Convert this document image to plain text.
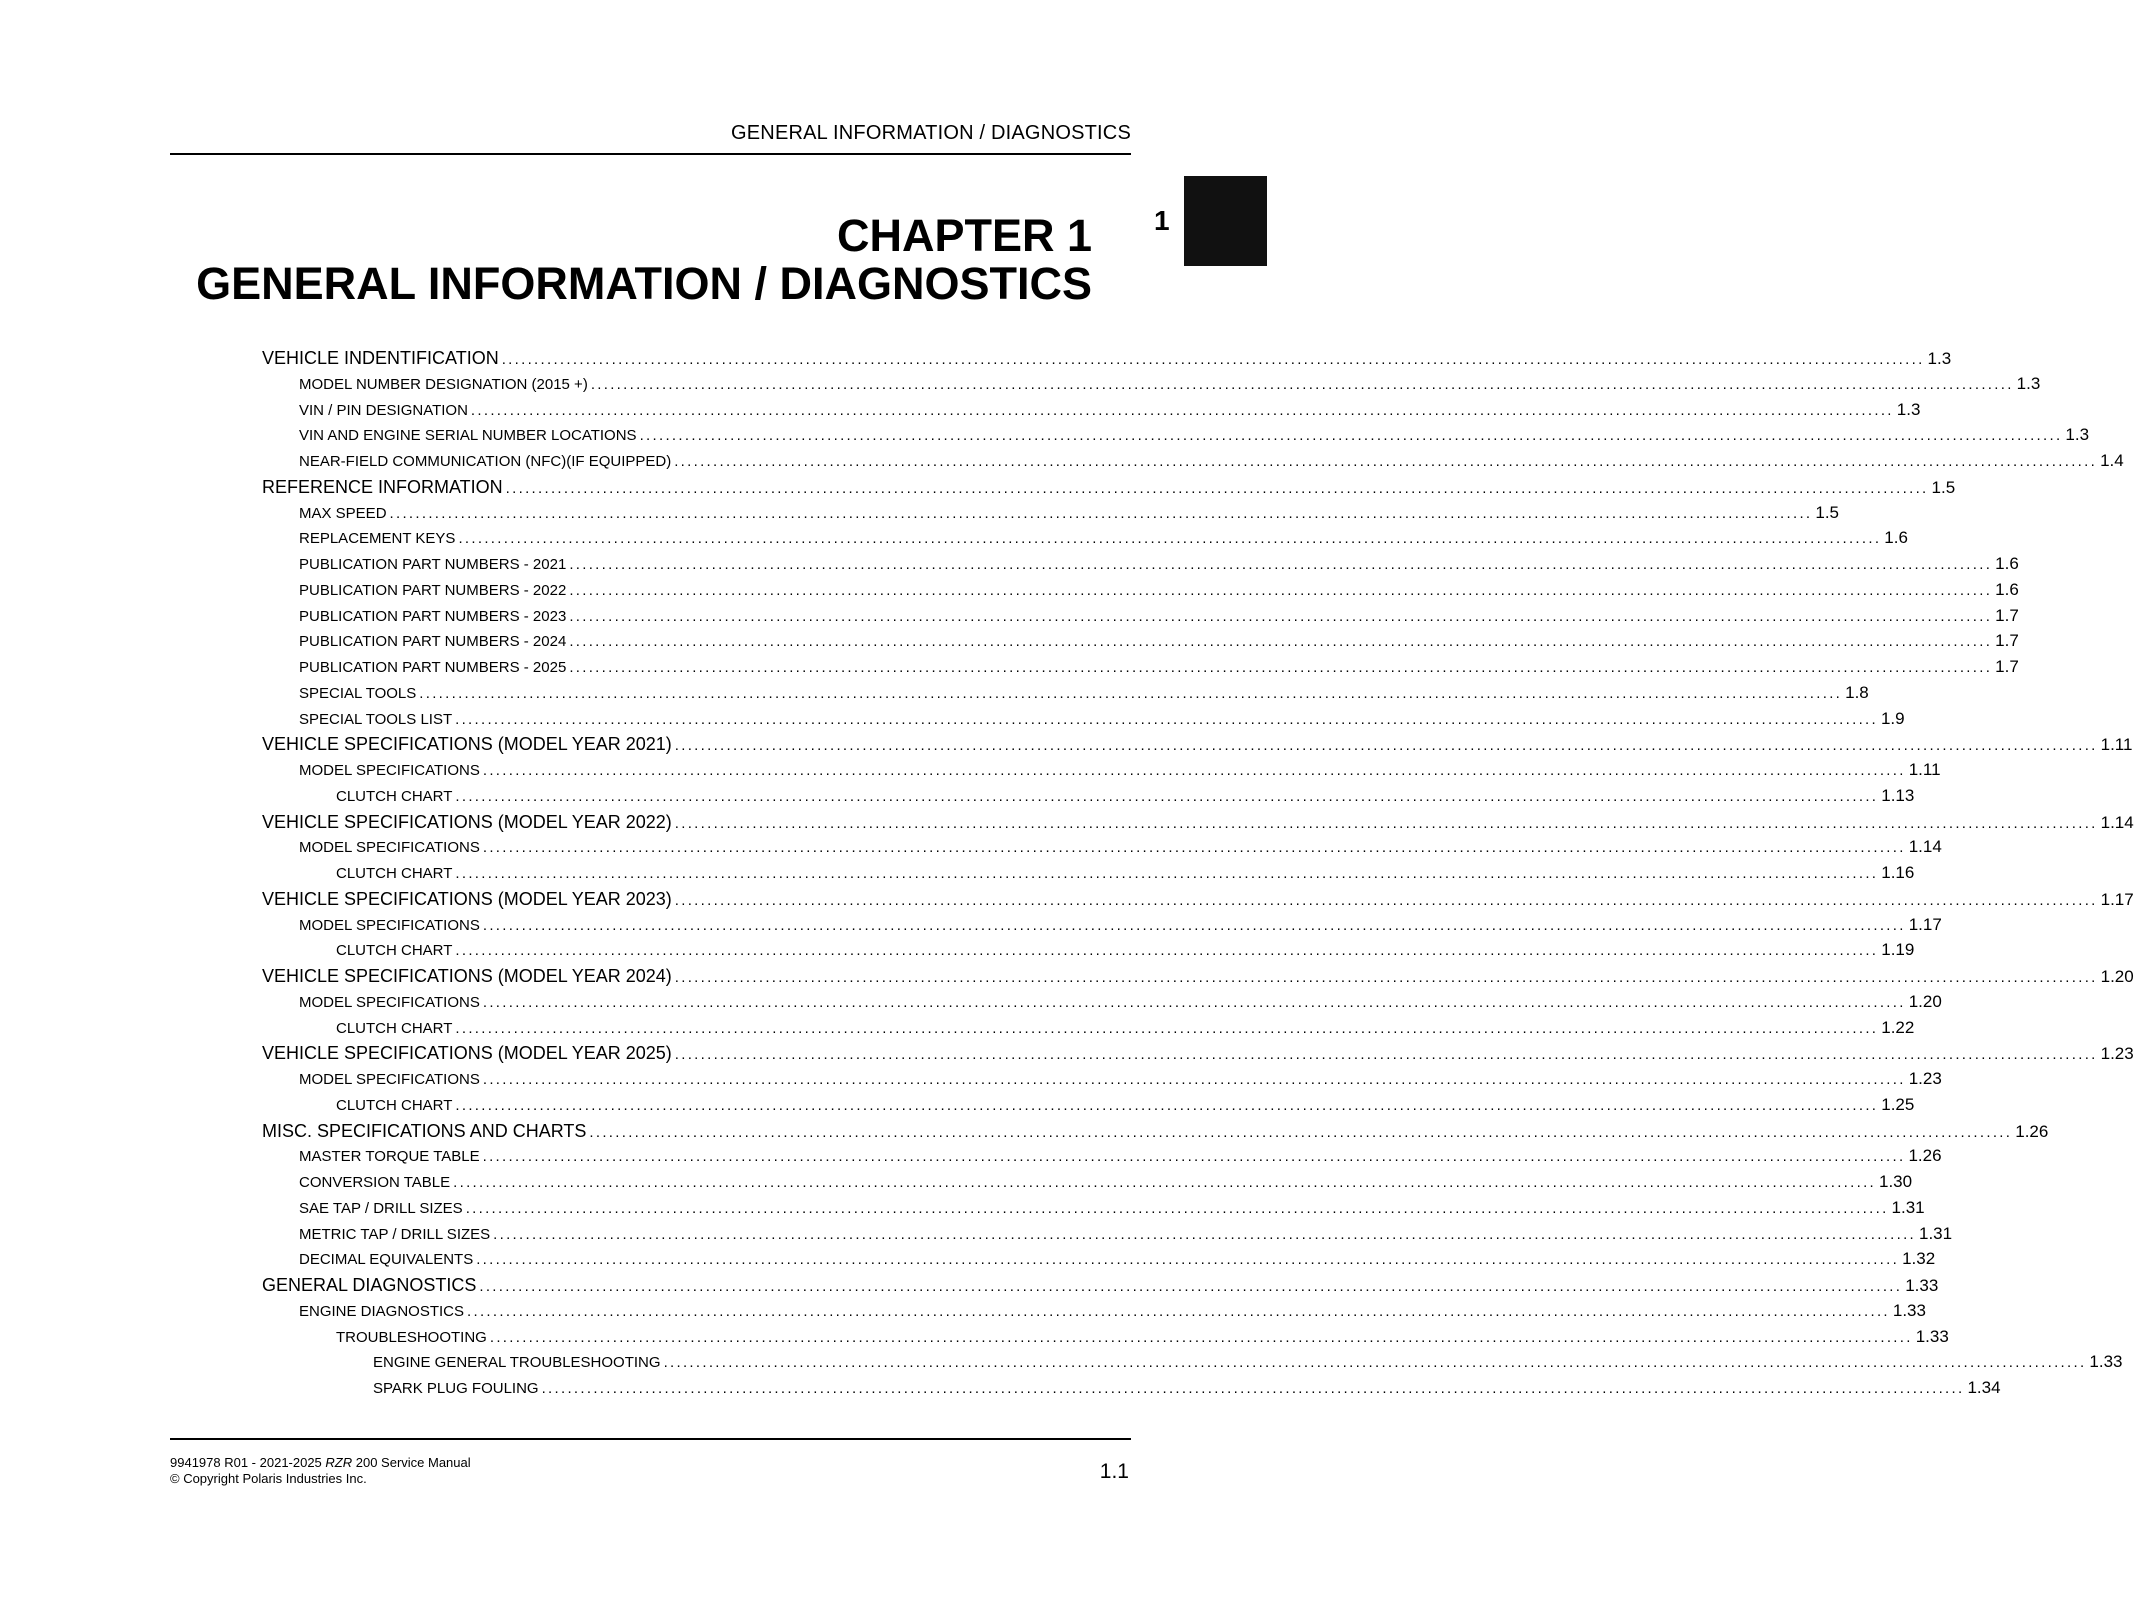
GENERAL INFORMATION / DIAGNOSTICS
1
CHAPTER 1
GENERAL INFORMATION / DIAGNOSTICS
VEHICLE INDENTIFICATION ............................................................................................................................................................................................................................ 1.3
MODEL NUMBER DESIGNATION (2015 +) ............................................................................................................................................................................................................................ 1.3
VIN / PIN DESIGNATION ............................................................................................................................................................................................................................ 1.3
VIN AND ENGINE SERIAL NUMBER LOCATIONS ............................................................................................................................................................................................................................ 1.3
NEAR-FIELD COMMUNICATION (NFC)(IF EQUIPPED) ............................................................................................................................................................................................................................ 1.4
REFERENCE INFORMATION ............................................................................................................................................................................................................................ 1.5
MAX SPEED ............................................................................................................................................................................................................................ 1.5
REPLACEMENT KEYS ............................................................................................................................................................................................................................ 1.6
PUBLICATION PART NUMBERS - 2021 ............................................................................................................................................................................................................................ 1.6
PUBLICATION PART NUMBERS - 2022 ............................................................................................................................................................................................................................ 1.6
PUBLICATION PART NUMBERS - 2023 ............................................................................................................................................................................................................................ 1.7
PUBLICATION PART NUMBERS - 2024 ............................................................................................................................................................................................................................ 1.7
PUBLICATION PART NUMBERS - 2025 ............................................................................................................................................................................................................................ 1.7
SPECIAL TOOLS ............................................................................................................................................................................................................................ 1.8
SPECIAL TOOLS LIST ............................................................................................................................................................................................................................ 1.9
VEHICLE SPECIFICATIONS (MODEL YEAR 2021) ............................................................................................................................................................................................................................ 1.11
MODEL SPECIFICATIONS ............................................................................................................................................................................................................................ 1.11
CLUTCH CHART ............................................................................................................................................................................................................................ 1.13
VEHICLE SPECIFICATIONS (MODEL YEAR 2022) ............................................................................................................................................................................................................................ 1.14
MODEL SPECIFICATIONS ............................................................................................................................................................................................................................ 1.14
CLUTCH CHART ............................................................................................................................................................................................................................ 1.16
VEHICLE SPECIFICATIONS (MODEL YEAR 2023) ............................................................................................................................................................................................................................ 1.17
MODEL SPECIFICATIONS ............................................................................................................................................................................................................................ 1.17
CLUTCH CHART ............................................................................................................................................................................................................................ 1.19
VEHICLE SPECIFICATIONS (MODEL YEAR 2024) ............................................................................................................................................................................................................................ 1.20
MODEL SPECIFICATIONS ............................................................................................................................................................................................................................ 1.20
CLUTCH CHART ............................................................................................................................................................................................................................ 1.22
VEHICLE SPECIFICATIONS (MODEL YEAR 2025) ............................................................................................................................................................................................................................ 1.23
MODEL SPECIFICATIONS ............................................................................................................................................................................................................................ 1.23
CLUTCH CHART ............................................................................................................................................................................................................................ 1.25
MISC. SPECIFICATIONS AND CHARTS ............................................................................................................................................................................................................................ 1.26
MASTER TORQUE TABLE ............................................................................................................................................................................................................................ 1.26
CONVERSION TABLE ............................................................................................................................................................................................................................ 1.30
SAE TAP / DRILL SIZES ............................................................................................................................................................................................................................ 1.31
METRIC TAP / DRILL SIZES ............................................................................................................................................................................................................................ 1.31
DECIMAL EQUIVALENTS ............................................................................................................................................................................................................................ 1.32
GENERAL DIAGNOSTICS ............................................................................................................................................................................................................................ 1.33
ENGINE DIAGNOSTICS ............................................................................................................................................................................................................................ 1.33
TROUBLESHOOTING ............................................................................................................................................................................................................................ 1.33
ENGINE GENERAL TROUBLESHOOTING ............................................................................................................................................................................................................................ 1.33
SPARK PLUG FOULING ............................................................................................................................................................................................................................ 1.34
9941978 R01 - 2021-2025 RZR 200 Service Manual
© Copyright Polaris Industries Inc.	1.1
